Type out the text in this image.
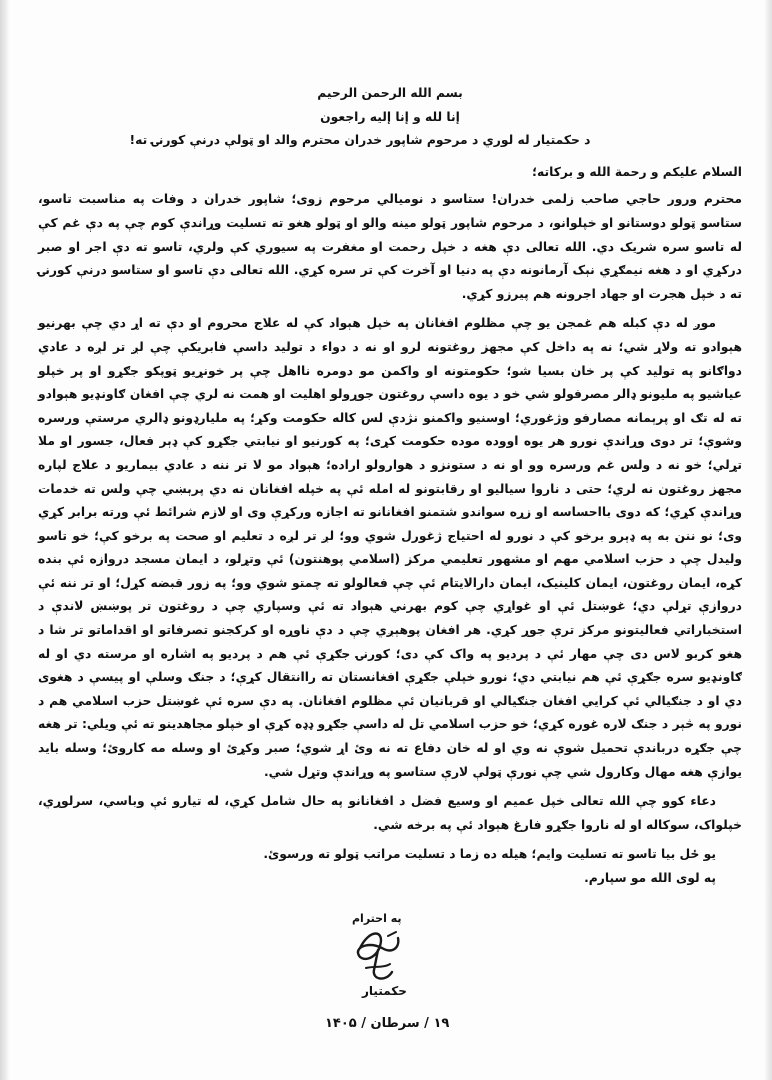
بسم الله الرحمن الرحيم

إنا لله و إنا إليه راجعون

د حکمتیار له لوري د مرحوم شاپور خدران محترم والد او ټولې درنې کورنۍ ته!

السلام عليكم و رحمة الله و بركاته؛

محترم ورور حاجي صاحب زلمی خدران! ستاسو د نوميالي مرحوم زوی؛ شاپور خدران د وفات په مناسبت تاسو، ستاسو ټولو دوستانو او خپلوانو، د مرحوم شاپور ټولو مينه والو او ټولو هغو ته تسليت وړاندې کوم چې په دې غم کې له تاسو سره شريک دي. الله تعالی دې هغه د خپل رحمت او مغفرت په سيوري کې ولري، تاسو ته دې اجر او صبر درکړي او د هغه نيمګړي نېک آرمانونه دې په دنيا او آخرت کې تر سره کړي. الله تعالی دې تاسو او ستاسو درنې کورنۍ ته د خپل هجرت او جهاد اجرونه هم پيرزو کړي.

موږ له دې کبله هم غمجن يو چې مظلوم افغانان په خپل هېواد کې له علاج محروم او دې ته اړ دي چې بهرنيو هېوادو ته ولاړ شي؛ نه په داخل کې مجهز روغتونه لرو او نه د دواء د توليد داسې فابريکې چې لږ تر لږه د عادي دواګانو په توليد کې پر خان بسيا شو؛ حکومتونه او واکمن مو دومره ناا‌هل چې پر خونړيو ټوپکو جګړو او پر خپلو عياشيو په مليونو ډالر مصرفولو شي خو د يوه داسې روغتون جوړولو اهليت او همت نه لري چې افغان ګاونډيو هېوادو ته له تګ او پرېمانه مصارفو وژغوري؛ اوسنيو واکمنو نژدې لس کاله حکومت وکړ؛ په مليارډونو ډالري مرستې ورسره وشوې؛ تر دوی وړاندې نورو هر يوه اووده موده حکومت کړی؛ په کورنيو او نيابتي جګړو کې ډېر فعال، جسور او ملا تړلي؛ خو نه د ولس غم ورسره وو او نه د ستونزو د هوارولو اراده؛ هېواد مو لا تر ننه د عادي بيماريو د علاج لپاره مجهز روغتون نه لري؛ حتی د ناروا سياليو او رقابتونو له امله ئې په خپله افغانان نه دي پرېښي چې ولس ته خدمات وړاندې کړي؛ که دوی بااحساسه او زړه سواندو شتمنو افغانانو ته اجازه ورکړې وی او لازم شرائط ئې ورته برابر کړي وی؛ نو ننن به په ډېرو برخو کې د نورو له احتياج ژغورل شوي وو؛ لږ تر لږه د تعليم او صحت په برخو کې؛ خو تاسو وليدل چې د حزب اسلامي مهم او مشهور تعليمي مرکز (اسلامي پوهنتون) ئې وتړلو، د ايمان مسجد دروازه ئې بنده کړه، ايمان روغتون، ايمان کلينيک، ايمان دارالايتام ئې چې فعالولو ته چمتو شوي وو؛ په زور قبضه کړل؛ او تر ننه ئې دروازې تړلې دي؛ غوښتل ئې او غواړي چې کوم بهرني هېواد ته ئې وسپاري چې د روغتون تر پوښښ لاندې د استخباراتي فعاليتونو مرکز ترې جوړ کړي. هر افغان پوهېږي چې د دې ناوړه او کرکجنو تصرفاتو او اقداماتو تر شا د هغو کربو لاس دی چې مهار ئې د پرديو په واک کې دی؛ کورنۍ جګړې ئې هم د پرديو په اشاره او مرسته دي او له ګاونډيو سره جګړې ئې هم نيابتي دي؛ نورو خپلې جګړې افغانستان ته راانتقال کړې؛ د جنګ وسلې او پيسې د هغوی دي او د جنګيالي ئې کرايي افغان جنګيالي او قربانيان ئې مظلوم افغانان. په دې سره ئې غوښتل حزب اسلامي هم د نورو په څېر د جنګ لاره غوره کړي؛ خو حزب اسلامي تل له داسې جګړو ډډه کړې او خپلو مجاهدينو ته ئې ويلي: تر هغه چې جګړه درباندې تحميل شوې نه وي او له خان دفاع ته نه وئ اړ شوي؛ صبر وکړئ او وسله مه کاروئ؛ وسله بايد يوازې هغه مهال وکارول شي چې نورې ټولې لارې ستاسو په وړاندې وتړل شي.

دعاء کوو چې الله تعالی خپل عميم او وسيع فضل د افغانانو په حال شامل کړي، له تيارو ئې وباسي، سرلوړي، خپلواک، سوکاله او له ناروا جګړو فارغ هېواد ئې په برخه شي.

يو ځل بيا تاسو ته تسليت وايم؛ هيله ده زما د تسليت مراتب ټولو ته ورسوئ.

په لوی الله مو سپارم.

په احترام
حکمتيار
۱۹ / سرطان / ۱۴۰۵
